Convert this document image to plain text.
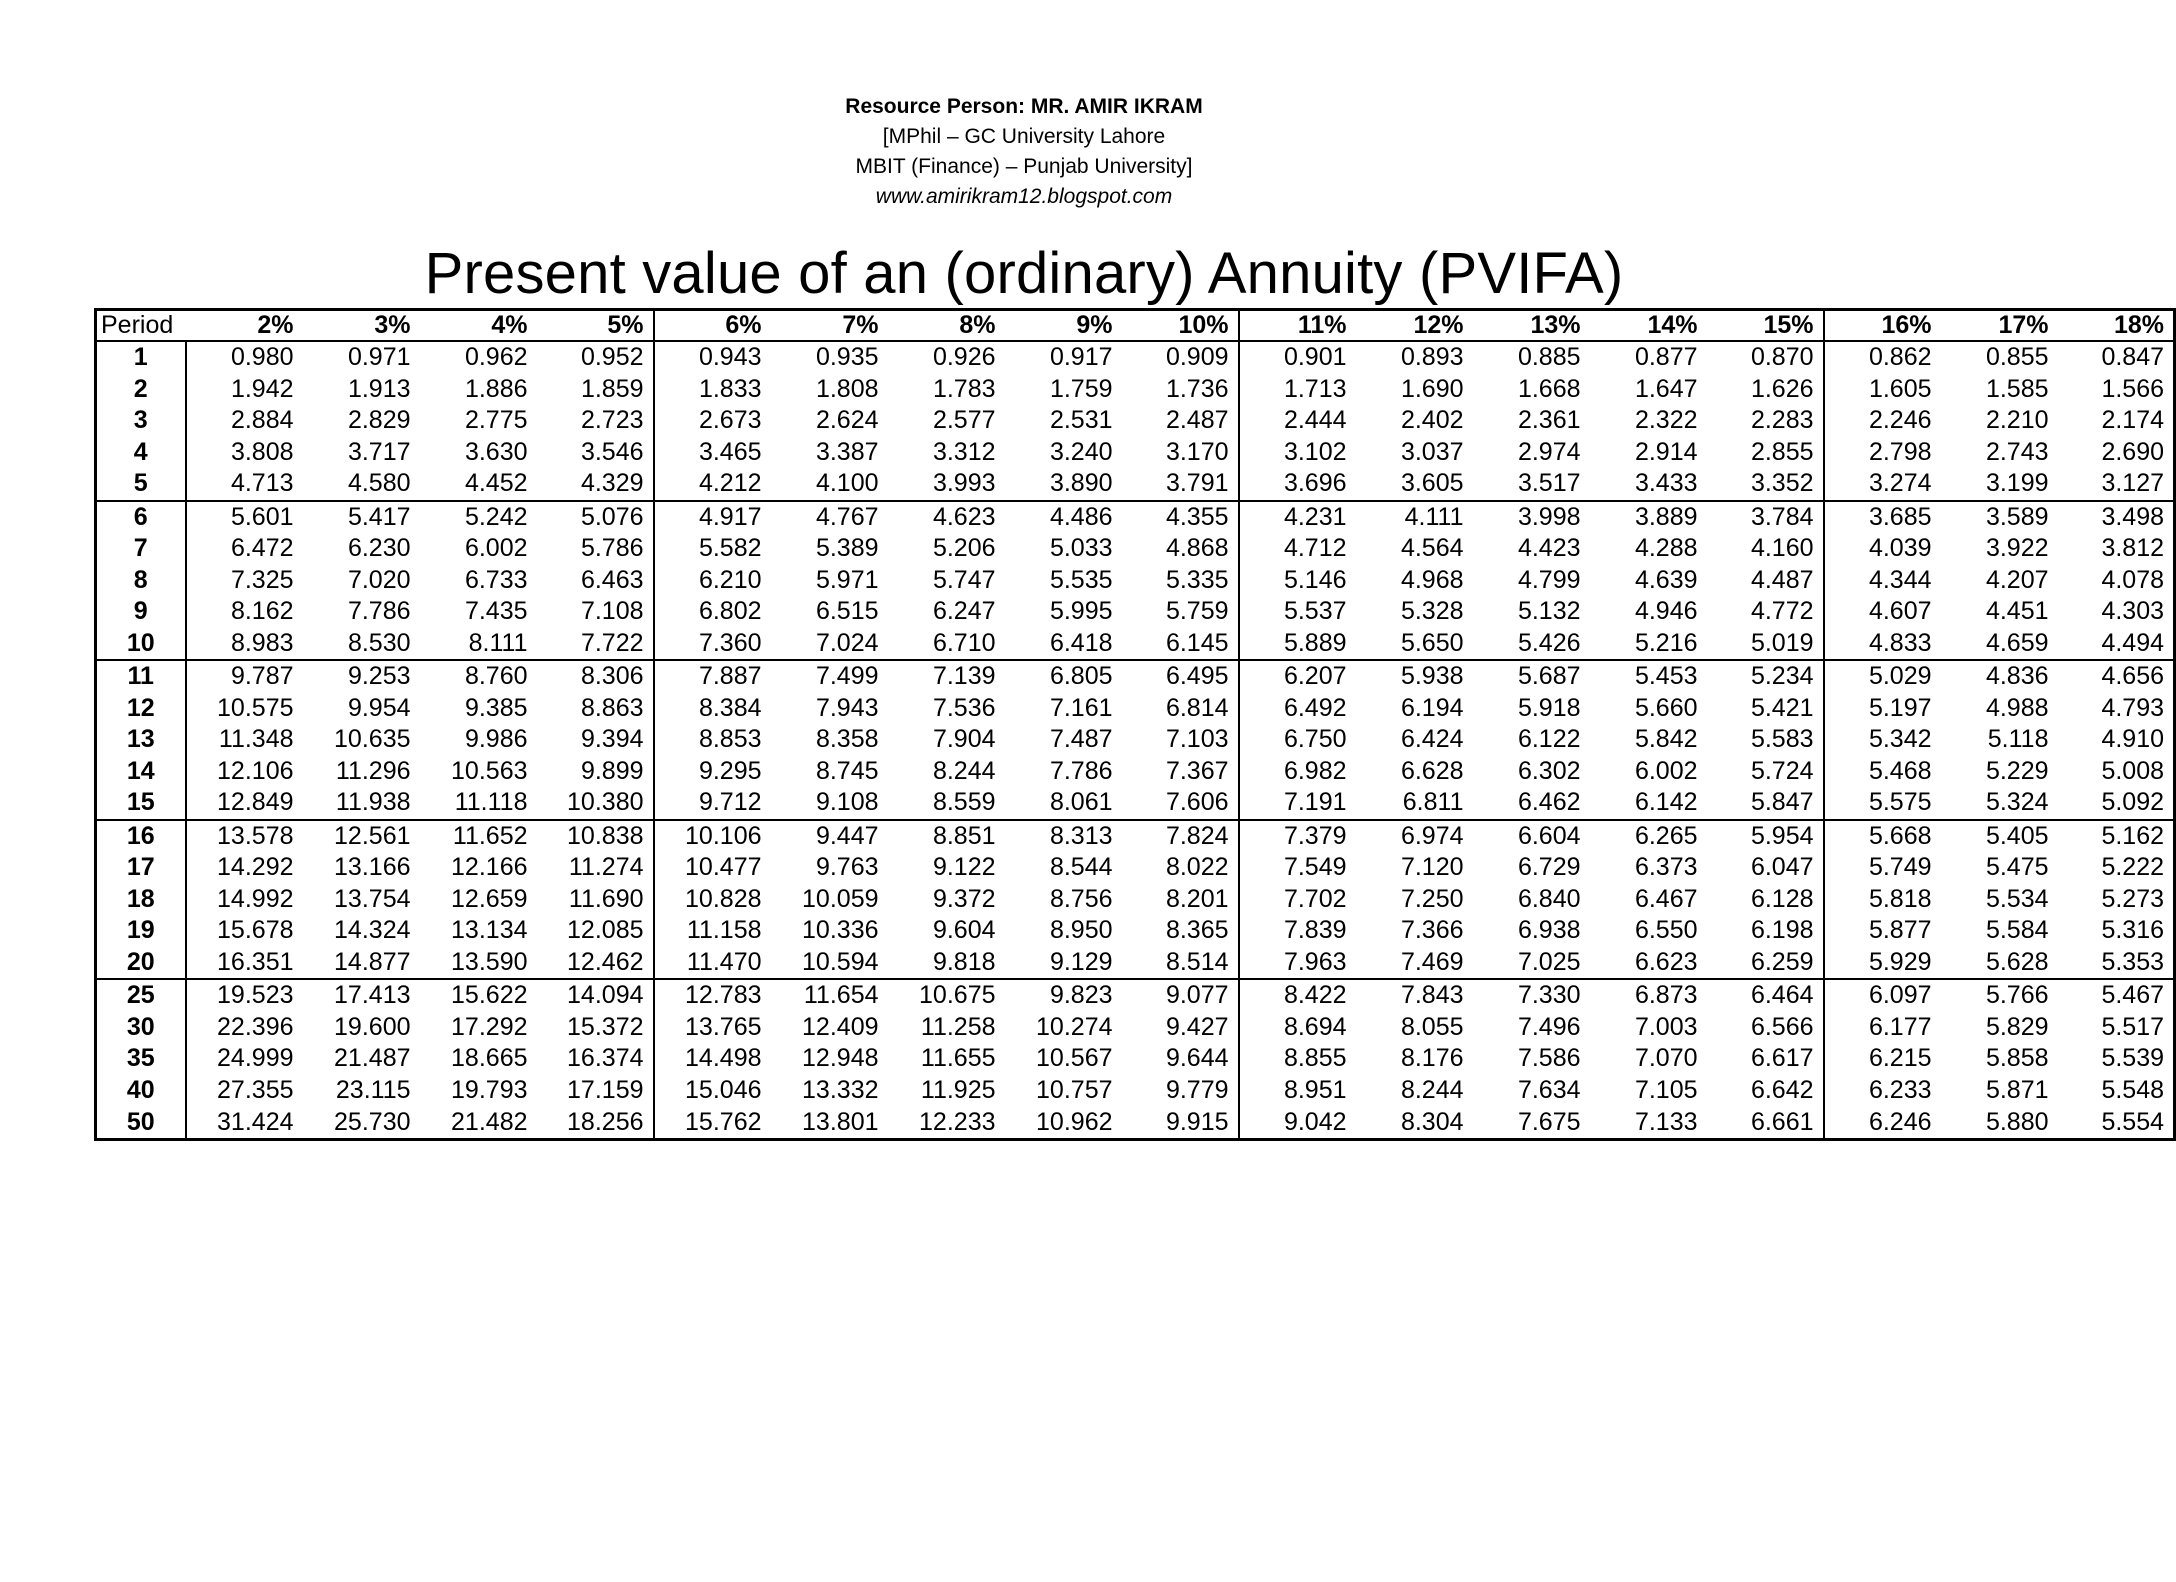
Resource Person: MR. AMIR IKRAM
[MPhil – GC University Lahore
MBIT (Finance) – Punjab University]
www.amirikram12.blogspot.com
Present value of an (ordinary) Annuity (PVIFA)
Period	2%	3%	4%	5%	6%	7%	8%	9%	10%	11%	12%	13%	14%	15%	16%	17%	18%
1	0.980	0.971	0.962	0.952	0.943	0.935	0.926	0.917	0.909	0.901	0.893	0.885	0.877	0.870	0.862	0.855	0.847
2	1.942	1.913	1.886	1.859	1.833	1.808	1.783	1.759	1.736	1.713	1.690	1.668	1.647	1.626	1.605	1.585	1.566
3	2.884	2.829	2.775	2.723	2.673	2.624	2.577	2.531	2.487	2.444	2.402	2.361	2.322	2.283	2.246	2.210	2.174
4	3.808	3.717	3.630	3.546	3.465	3.387	3.312	3.240	3.170	3.102	3.037	2.974	2.914	2.855	2.798	2.743	2.690
5	4.713	4.580	4.452	4.329	4.212	4.100	3.993	3.890	3.791	3.696	3.605	3.517	3.433	3.352	3.274	3.199	3.127
6	5.601	5.417	5.242	5.076	4.917	4.767	4.623	4.486	4.355	4.231	4.111	3.998	3.889	3.784	3.685	3.589	3.498
7	6.472	6.230	6.002	5.786	5.582	5.389	5.206	5.033	4.868	4.712	4.564	4.423	4.288	4.160	4.039	3.922	3.812
8	7.325	7.020	6.733	6.463	6.210	5.971	5.747	5.535	5.335	5.146	4.968	4.799	4.639	4.487	4.344	4.207	4.078
9	8.162	7.786	7.435	7.108	6.802	6.515	6.247	5.995	5.759	5.537	5.328	5.132	4.946	4.772	4.607	4.451	4.303
10	8.983	8.530	8.111	7.722	7.360	7.024	6.710	6.418	6.145	5.889	5.650	5.426	5.216	5.019	4.833	4.659	4.494
11	9.787	9.253	8.760	8.306	7.887	7.499	7.139	6.805	6.495	6.207	5.938	5.687	5.453	5.234	5.029	4.836	4.656
12	10.575	9.954	9.385	8.863	8.384	7.943	7.536	7.161	6.814	6.492	6.194	5.918	5.660	5.421	5.197	4.988	4.793
13	11.348	10.635	9.986	9.394	8.853	8.358	7.904	7.487	7.103	6.750	6.424	6.122	5.842	5.583	5.342	5.118	4.910
14	12.106	11.296	10.563	9.899	9.295	8.745	8.244	7.786	7.367	6.982	6.628	6.302	6.002	5.724	5.468	5.229	5.008
15	12.849	11.938	11.118	10.380	9.712	9.108	8.559	8.061	7.606	7.191	6.811	6.462	6.142	5.847	5.575	5.324	5.092
16	13.578	12.561	11.652	10.838	10.106	9.447	8.851	8.313	7.824	7.379	6.974	6.604	6.265	5.954	5.668	5.405	5.162
17	14.292	13.166	12.166	11.274	10.477	9.763	9.122	8.544	8.022	7.549	7.120	6.729	6.373	6.047	5.749	5.475	5.222
18	14.992	13.754	12.659	11.690	10.828	10.059	9.372	8.756	8.201	7.702	7.250	6.840	6.467	6.128	5.818	5.534	5.273
19	15.678	14.324	13.134	12.085	11.158	10.336	9.604	8.950	8.365	7.839	7.366	6.938	6.550	6.198	5.877	5.584	5.316
20	16.351	14.877	13.590	12.462	11.470	10.594	9.818	9.129	8.514	7.963	7.469	7.025	6.623	6.259	5.929	5.628	5.353
25	19.523	17.413	15.622	14.094	12.783	11.654	10.675	9.823	9.077	8.422	7.843	7.330	6.873	6.464	6.097	5.766	5.467
30	22.396	19.600	17.292	15.372	13.765	12.409	11.258	10.274	9.427	8.694	8.055	7.496	7.003	6.566	6.177	5.829	5.517
35	24.999	21.487	18.665	16.374	14.498	12.948	11.655	10.567	9.644	8.855	8.176	7.586	7.070	6.617	6.215	5.858	5.539
40	27.355	23.115	19.793	17.159	15.046	13.332	11.925	10.757	9.779	8.951	8.244	7.634	7.105	6.642	6.233	5.871	5.548
50	31.424	25.730	21.482	18.256	15.762	13.801	12.233	10.962	9.915	9.042	8.304	7.675	7.133	6.661	6.246	5.880	5.554
